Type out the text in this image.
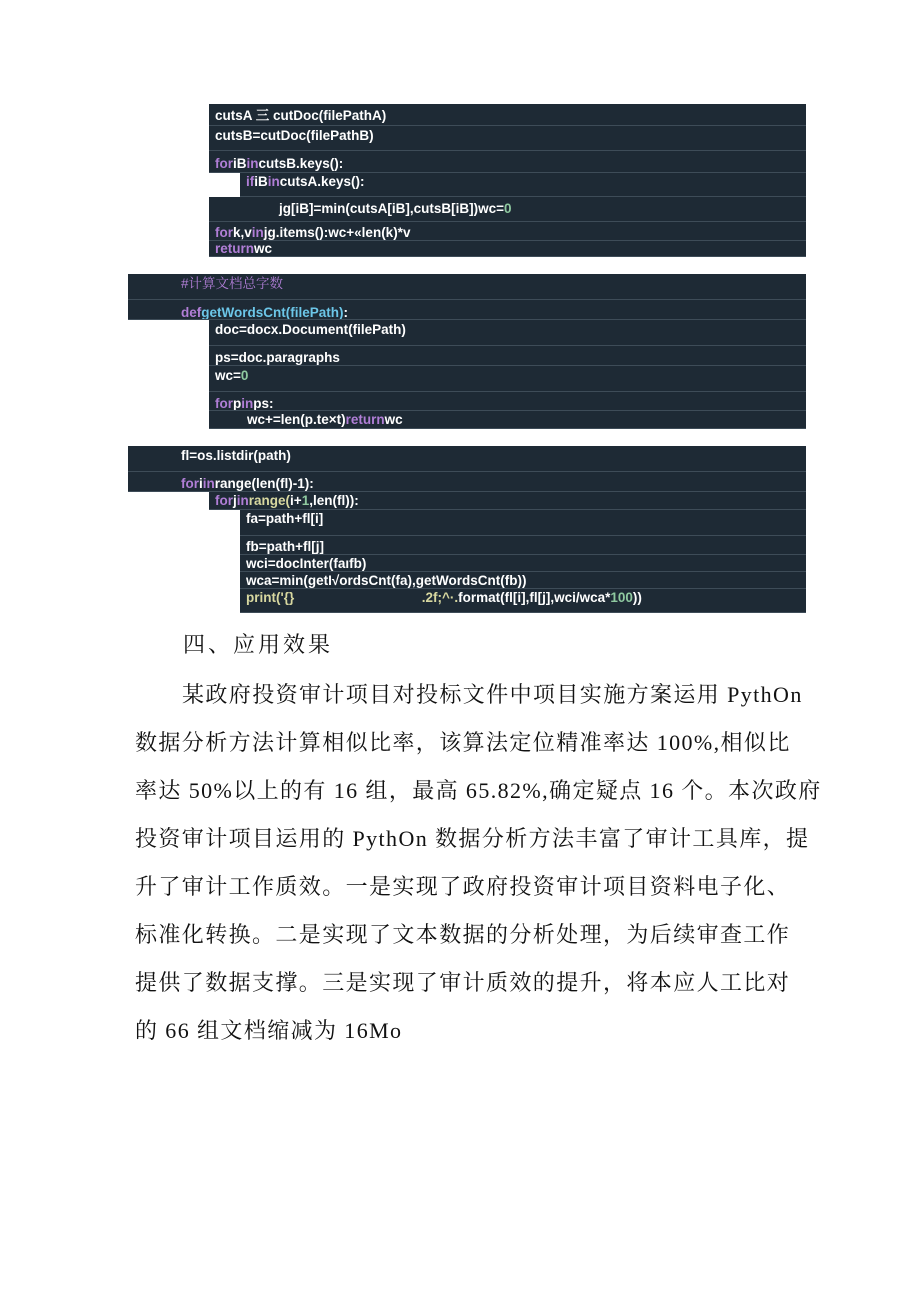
cutsA 三 cutDoc(filePathA)
cutsB=cutDoc(filePathB)
foriBincutsB.keys():
ifiBincutsA.keys():
jg[iB]=min(cutsA[iB],cutsB[iB])wc=0
fork,vinjg.items():wc+«len(k)*v
returnwc
#计算文档总字数
defgetWordsCnt(filePath):
doc=docx.Document(filePath)
ps=doc.paragraphs
wc=0
forpinps:
wc+=len(p.te×t)returnwc
fl=os.listdir(path)
foriinrange(len(fl)-1):
forjinrange(i+1,len(fl)):
fa=path+fl[i]
fb=path+fl[j]
wci=docInter(faıfb)
wca=min(getI√ordsCnt(fa),getWordsCnt(fb))
print('{}                                  .2f;^·.format(fl[i],fl[j],wci/wca*100))
四、应用效果
某政府投资审计项目对投标文件中项目实施方案运用 PythOn
数据分析方法计算相似比率，该算法定位精准率达 100%,相似比
率达 50%以上的有 16 组，最高 65.82%,确定疑点 16 个。本次政府
投资审计项目运用的 PythOn 数据分析方法丰富了审计工具库，提
升了审计工作质效。一是实现了政府投资审计项目资料电子化、
标准化转换。二是实现了文本数据的分析处理，为后续审查工作
提供了数据支撑。三是实现了审计质效的提升，将本应人工比对
的 66 组文档缩减为 16Mo
